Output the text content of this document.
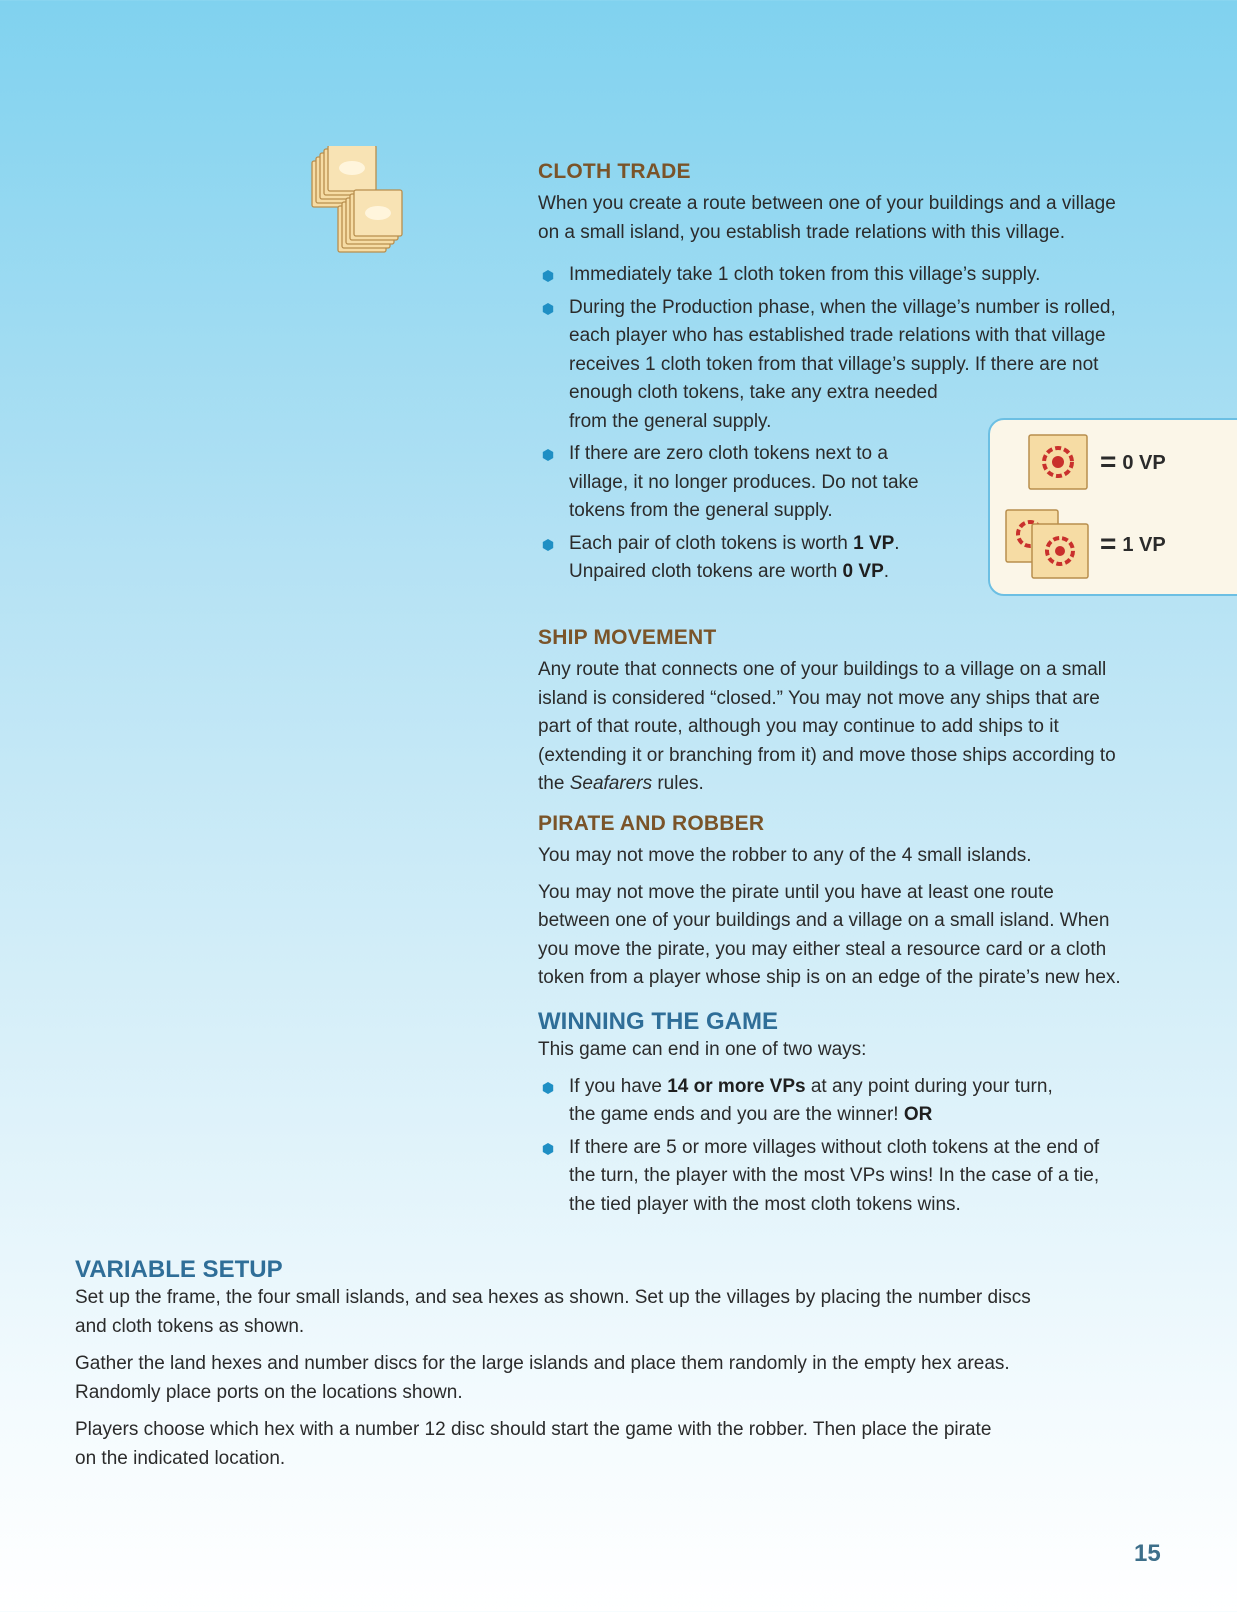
CLOTH TRADE

When you create a route between one of your buildings and a village
on a small island, you establish trade relations with this village.

Immediately take 1 cloth token from this village’s supply.
During the Production phase, when the village’s number is rolled,
each player who has established trade relations with that village
receives 1 cloth token from that village’s supply. If there are not
enough cloth tokens, take any extra needed
from the general supply.
If there are zero cloth tokens next to a
village, it no longer produces. Do not take
tokens from the general supply.
Each pair of cloth tokens is worth 1 VP.
Unpaired cloth tokens are worth 0 VP.
= 0 VP
= 1 VP
SHIP MOVEMENT

Any route that connects one of your buildings to a village on a small
island is considered “closed.” You may not move any ships that are
part of that route, although you may continue to add ships to it
(extending it or branching from it) and move those ships according to
the Seafarers rules.

PIRATE AND ROBBER

You may not move the robber to any of the 4 small islands.

You may not move the pirate until you have at least one route
between one of your buildings and a village on a small island. When
you move the pirate, you may either steal a resource card or a cloth
token from a player whose ship is on an edge of the pirate’s new hex.

WINNING THE GAME

This game can end in one of two ways:

If you have 14 or more VPs at any point during your turn,
the game ends and you are the winner! OR
If there are 5 or more villages without cloth tokens at the end of
the turn, the player with the most VPs wins! In the case of a tie,
the tied player with the most cloth tokens wins.
VARIABLE SETUP

Set up the frame, the four small islands, and sea hexes as shown. Set up the villages by placing the number discs
and cloth tokens as shown.

Gather the land hexes and number discs for the large islands and place them randomly in the empty hex areas.
Randomly place ports on the locations shown.

Players choose which hex with a number 12 disc should start the game with the robber. Then place the pirate
on the indicated location.

15
